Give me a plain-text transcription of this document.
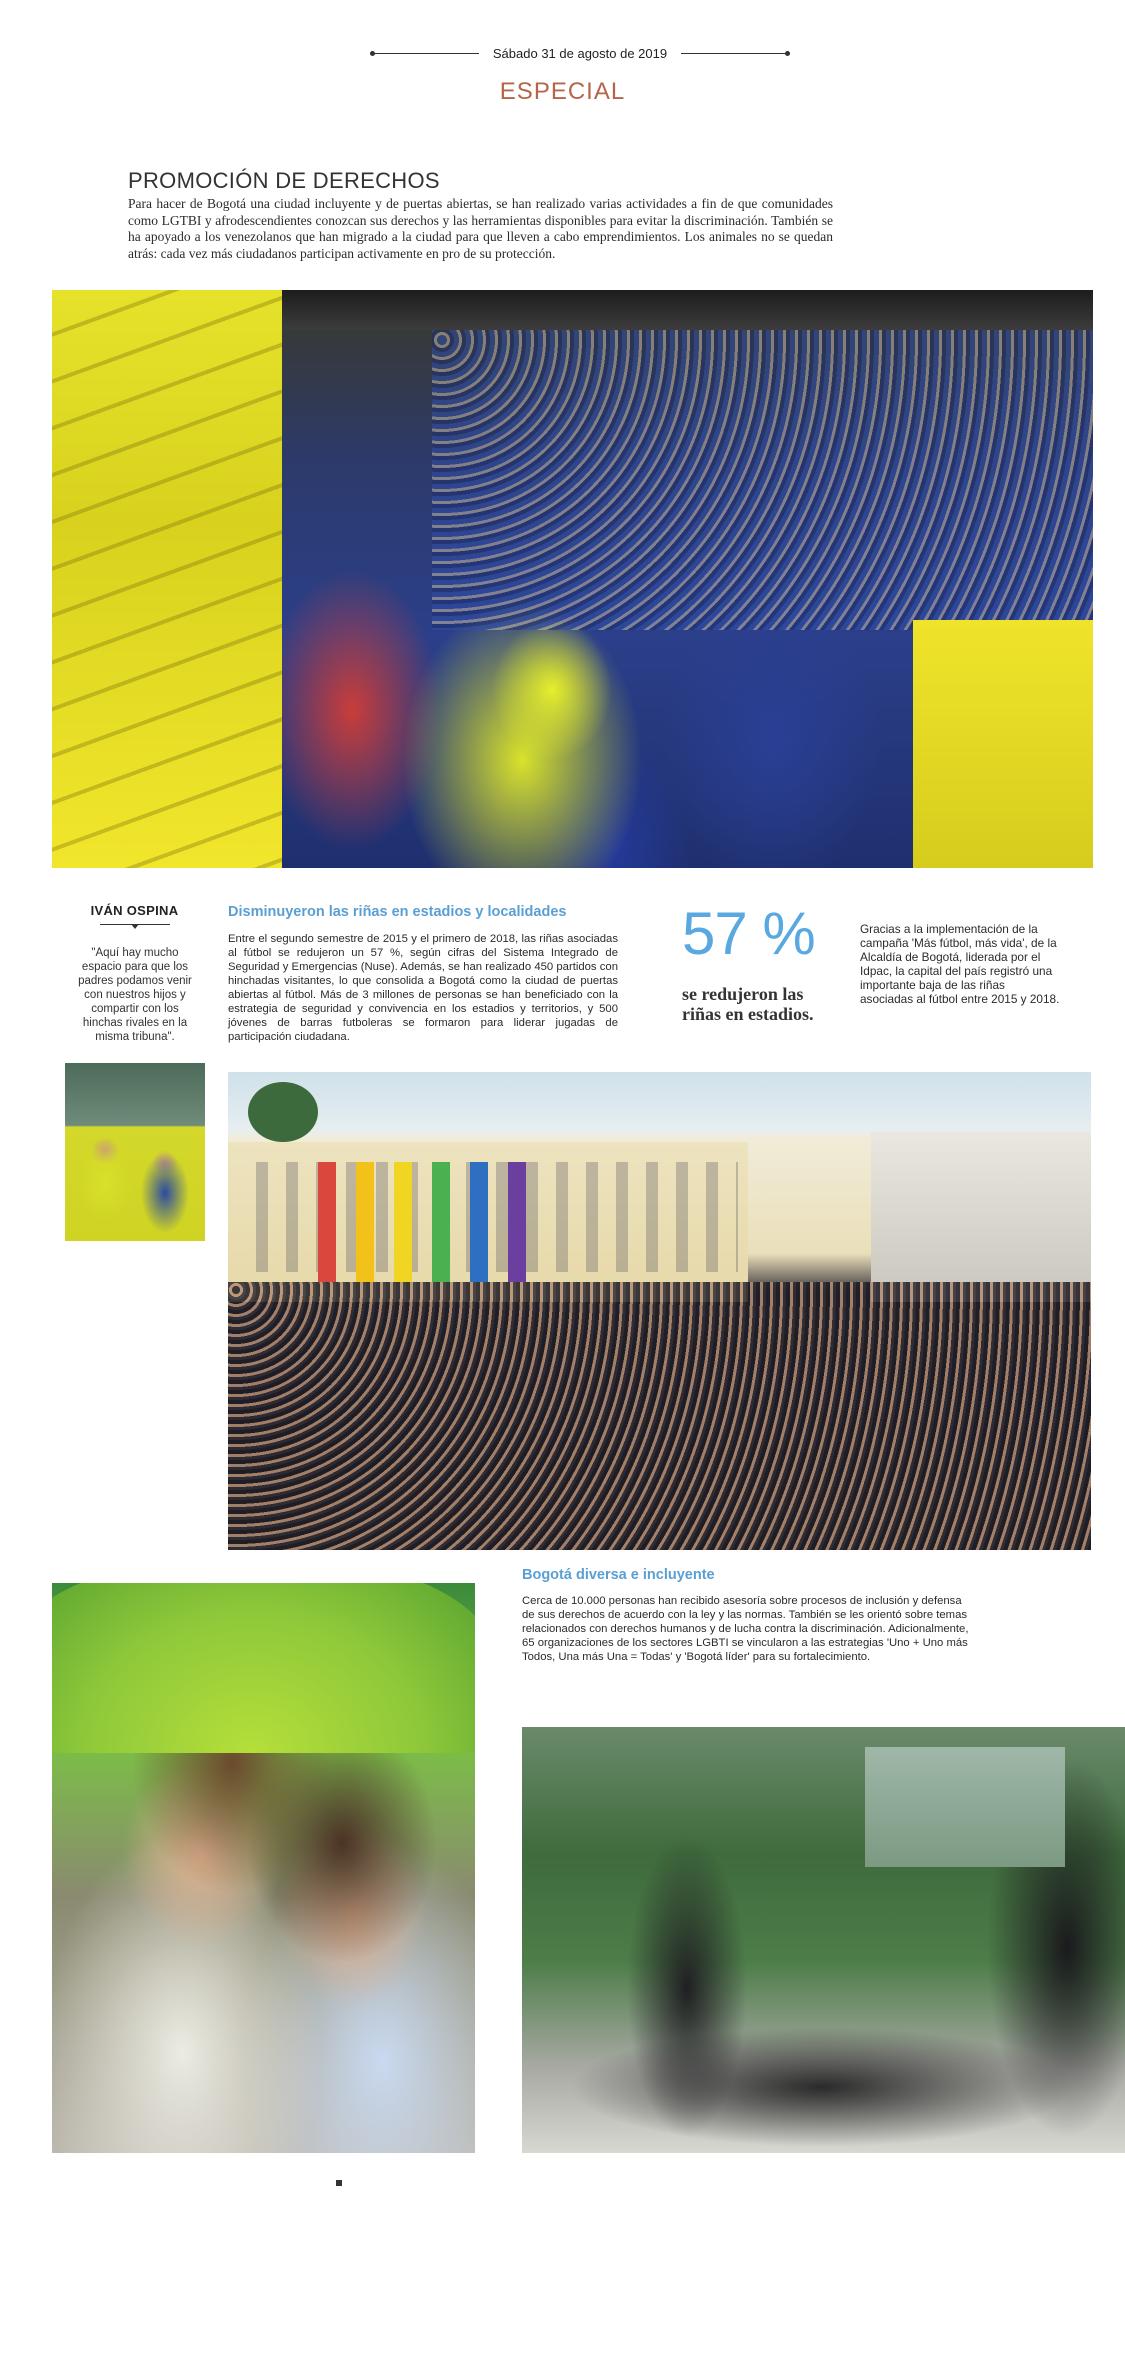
Sábado 31 de agosto de 2019
ESPECIAL
PROMOCIÓN DE DERECHOS

Para hacer de Bogotá una ciudad incluyente y de puertas abiertas, se han realizado varias actividades a fin de que comunidades como LGTBI y afrodescendientes conozcan sus derechos y las herramientas disponibles para evitar la discriminación. También se ha apoyado a los venezolanos que han migrado a la ciudad para que lleven a cabo emprendimientos. Los animales no se quedan atrás: cada vez más ciudadanos participan activamente en pro de su protección.

IVÁN OSPINA

"Aquí hay mucho espacio para que los padres podamos venir con nuestros hijos y compartir con los hinchas rivales en la misma tribuna".

Disminuyeron las riñas en estadios y localidades

Entre el segundo semestre de 2015 y el primero de 2018, las riñas asociadas al fútbol se redujeron un 57 %, según cifras del Sistema Integrado de Seguridad y Emergencias (Nuse). Además, se han realizado 450 partidos con hinchadas visitantes, lo que consolida a Bogotá como la ciudad de puertas abiertas al fútbol. Más de 3 millones de personas se han beneficiado con la estrategia de seguridad y convivencia en los estadios y territorios, y 500 jóvenes de barras futboleras se formaron para liderar jugadas de participación ciudadana.

57 %
se redujeron las riñas en estadios.

Gracias a la implementación de la campaña 'Más fútbol, más vida', de la Alcaldía de Bogotá, liderada por el Idpac, la capital del país registró una importante baja de las riñas asociadas al fútbol entre 2015 y 2018.

Bogotá diversa e incluyente

Cerca de 10.000 personas han recibido asesoría sobre procesos de inclusión y defensa de sus derechos de acuerdo con la ley y las normas. También se les orientó sobre temas relacionados con derechos humanos y de lucha contra la discriminación. Adicionalmente, 65 organizaciones de los sectores LGBTI se vincularon a las estrategias 'Uno + Uno más Todos, Una más Una = Todas' y 'Bogotá líder' para su fortalecimiento.
